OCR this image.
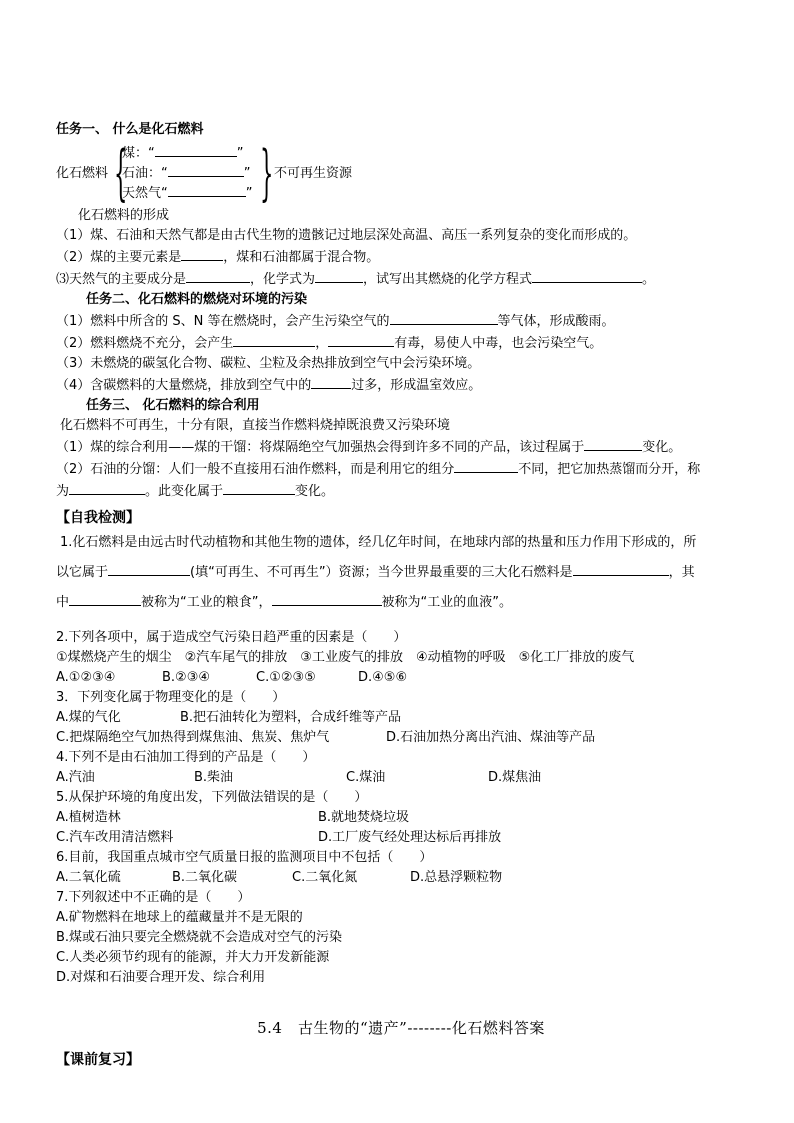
任务一、 什么是化石燃料
化石燃料 {
煤：“	”
石油：“	”
天然气“	” } 不可再生资源
化石燃料的形成
（1）煤、石油和天然气都是由古代生物的遗骸记过地层深处高温、高压一系列复杂的变化而形成的。
（2）煤的主要元素是	，煤和石油都属于混合物。
⑶天然气的主要成分是	，化学式为	，试写出其燃烧的化学方程式	。
任务二、化石燃料的燃烧对环境的污染
（1）燃料中所含的 S、N 等在燃烧时，会产生污染空气的	等气体，形成酸雨。
（2）燃料燃烧不充分，会产生	，	有毒，易使人中毒，也会污染空气。
（3）未燃烧的碳氢化合物、碳粒、尘粒及余热排放到空气中会污染环境。
（4）含碳燃料的大量燃烧，排放到空气中的	过多，形成温室效应。
任务三、 化石燃料的综合利用
化石燃料不可再生，十分有限，直接当作燃料烧掉既浪费又污染环境
（1）煤的综合利用——煤的干馏：将煤隔绝空气加强热会得到许多不同的产品，该过程属于	变化。
（2）石油的分馏：人们一般不直接用石油作燃料，而是利用它的组分	不同，把它加热蒸馏而分开，称
为	。此变化属于	变化。
【自我检测】
1.化石燃料是由远古时代动植物和其他生物的遗体，经几亿年时间，在地球内部的热量和压力作用下形成的，所
以它属于	(填“可再生、不可再生”）资源；当今世界最重要的三大化石燃料是	，其
中	被称为“工业的粮食”，	被称为“工业的血液”。
2.下列各项中，属于造成空气污染日趋严重的因素是（　　）
①煤燃烧产生的烟尘　②汽车尾气的排放　③工业废气的排放　④动植物的呼吸　⑤化工厂排放的废气
A.①②③④	B.②③④	C.①②③⑤	D.④⑤⑥
3．下列变化属于物理变化的是（　　）
A.煤的气化	B.把石油转化为塑料，合成纤维等产品
C.把煤隔绝空气加热得到煤焦油、焦炭、焦炉气	D.石油加热分离出汽油、煤油等产品
4.下列不是由石油加工得到的产品是（　　）
A.汽油	B.柴油	C.煤油	D.煤焦油
5.从保护环境的角度出发，下列做法错误的是（　　）
A.植树造林	B.就地焚烧垃圾
C.汽车改用清洁燃料	D.工厂废气经处理达标后再排放
6.目前，我国重点城市空气质量日报的监测项目中不包括（　　）
A.二氧化硫	B.二氧化碳	C.二氧化氮	D.总悬浮颗粒物
7.下列叙述中不正确的是（　　）
A.矿物燃料在地球上的蕴藏量并不是无限的
B.煤或石油只要完全燃烧就不会造成对空气的污染
C.人类必须节约现有的能源，并大力开发新能源
D.对煤和石油要合理开发、综合利用
5.4　古生物的“遗产”--------化石燃料答案
【课前复习】
